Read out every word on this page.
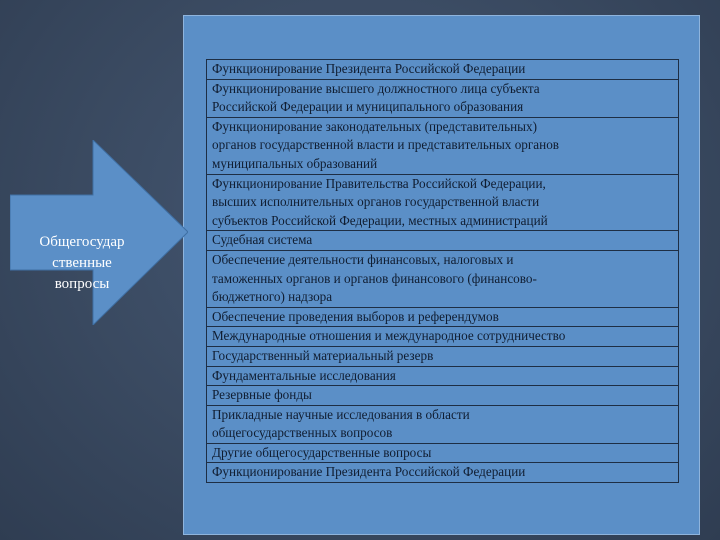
Общегосудар
ственные
вопросы
Функционирование Президента Российской Федерации
Функционирование высшего должностного лица субъекта
Российской Федерации и муниципального образования
Функционирование законодательных (представительных)
органов государственной власти и представительных органов
муниципальных образований
Функционирование Правительства Российской Федерации,
высших исполнительных органов государственной власти
субъектов Российской Федерации, местных администраций
Судебная система
Обеспечение деятельности финансовых, налоговых и
таможенных органов и органов финансового (финансово-
бюджетного) надзора
Обеспечение проведения выборов и референдумов
Международные отношения и международное сотрудничество
Государственный материальный резерв
Фундаментальные исследования
Резервные фонды
Прикладные научные исследования в области
общегосударственных вопросов
Другие общегосударственные вопросы
Функционирование Президента Российской Федерации
